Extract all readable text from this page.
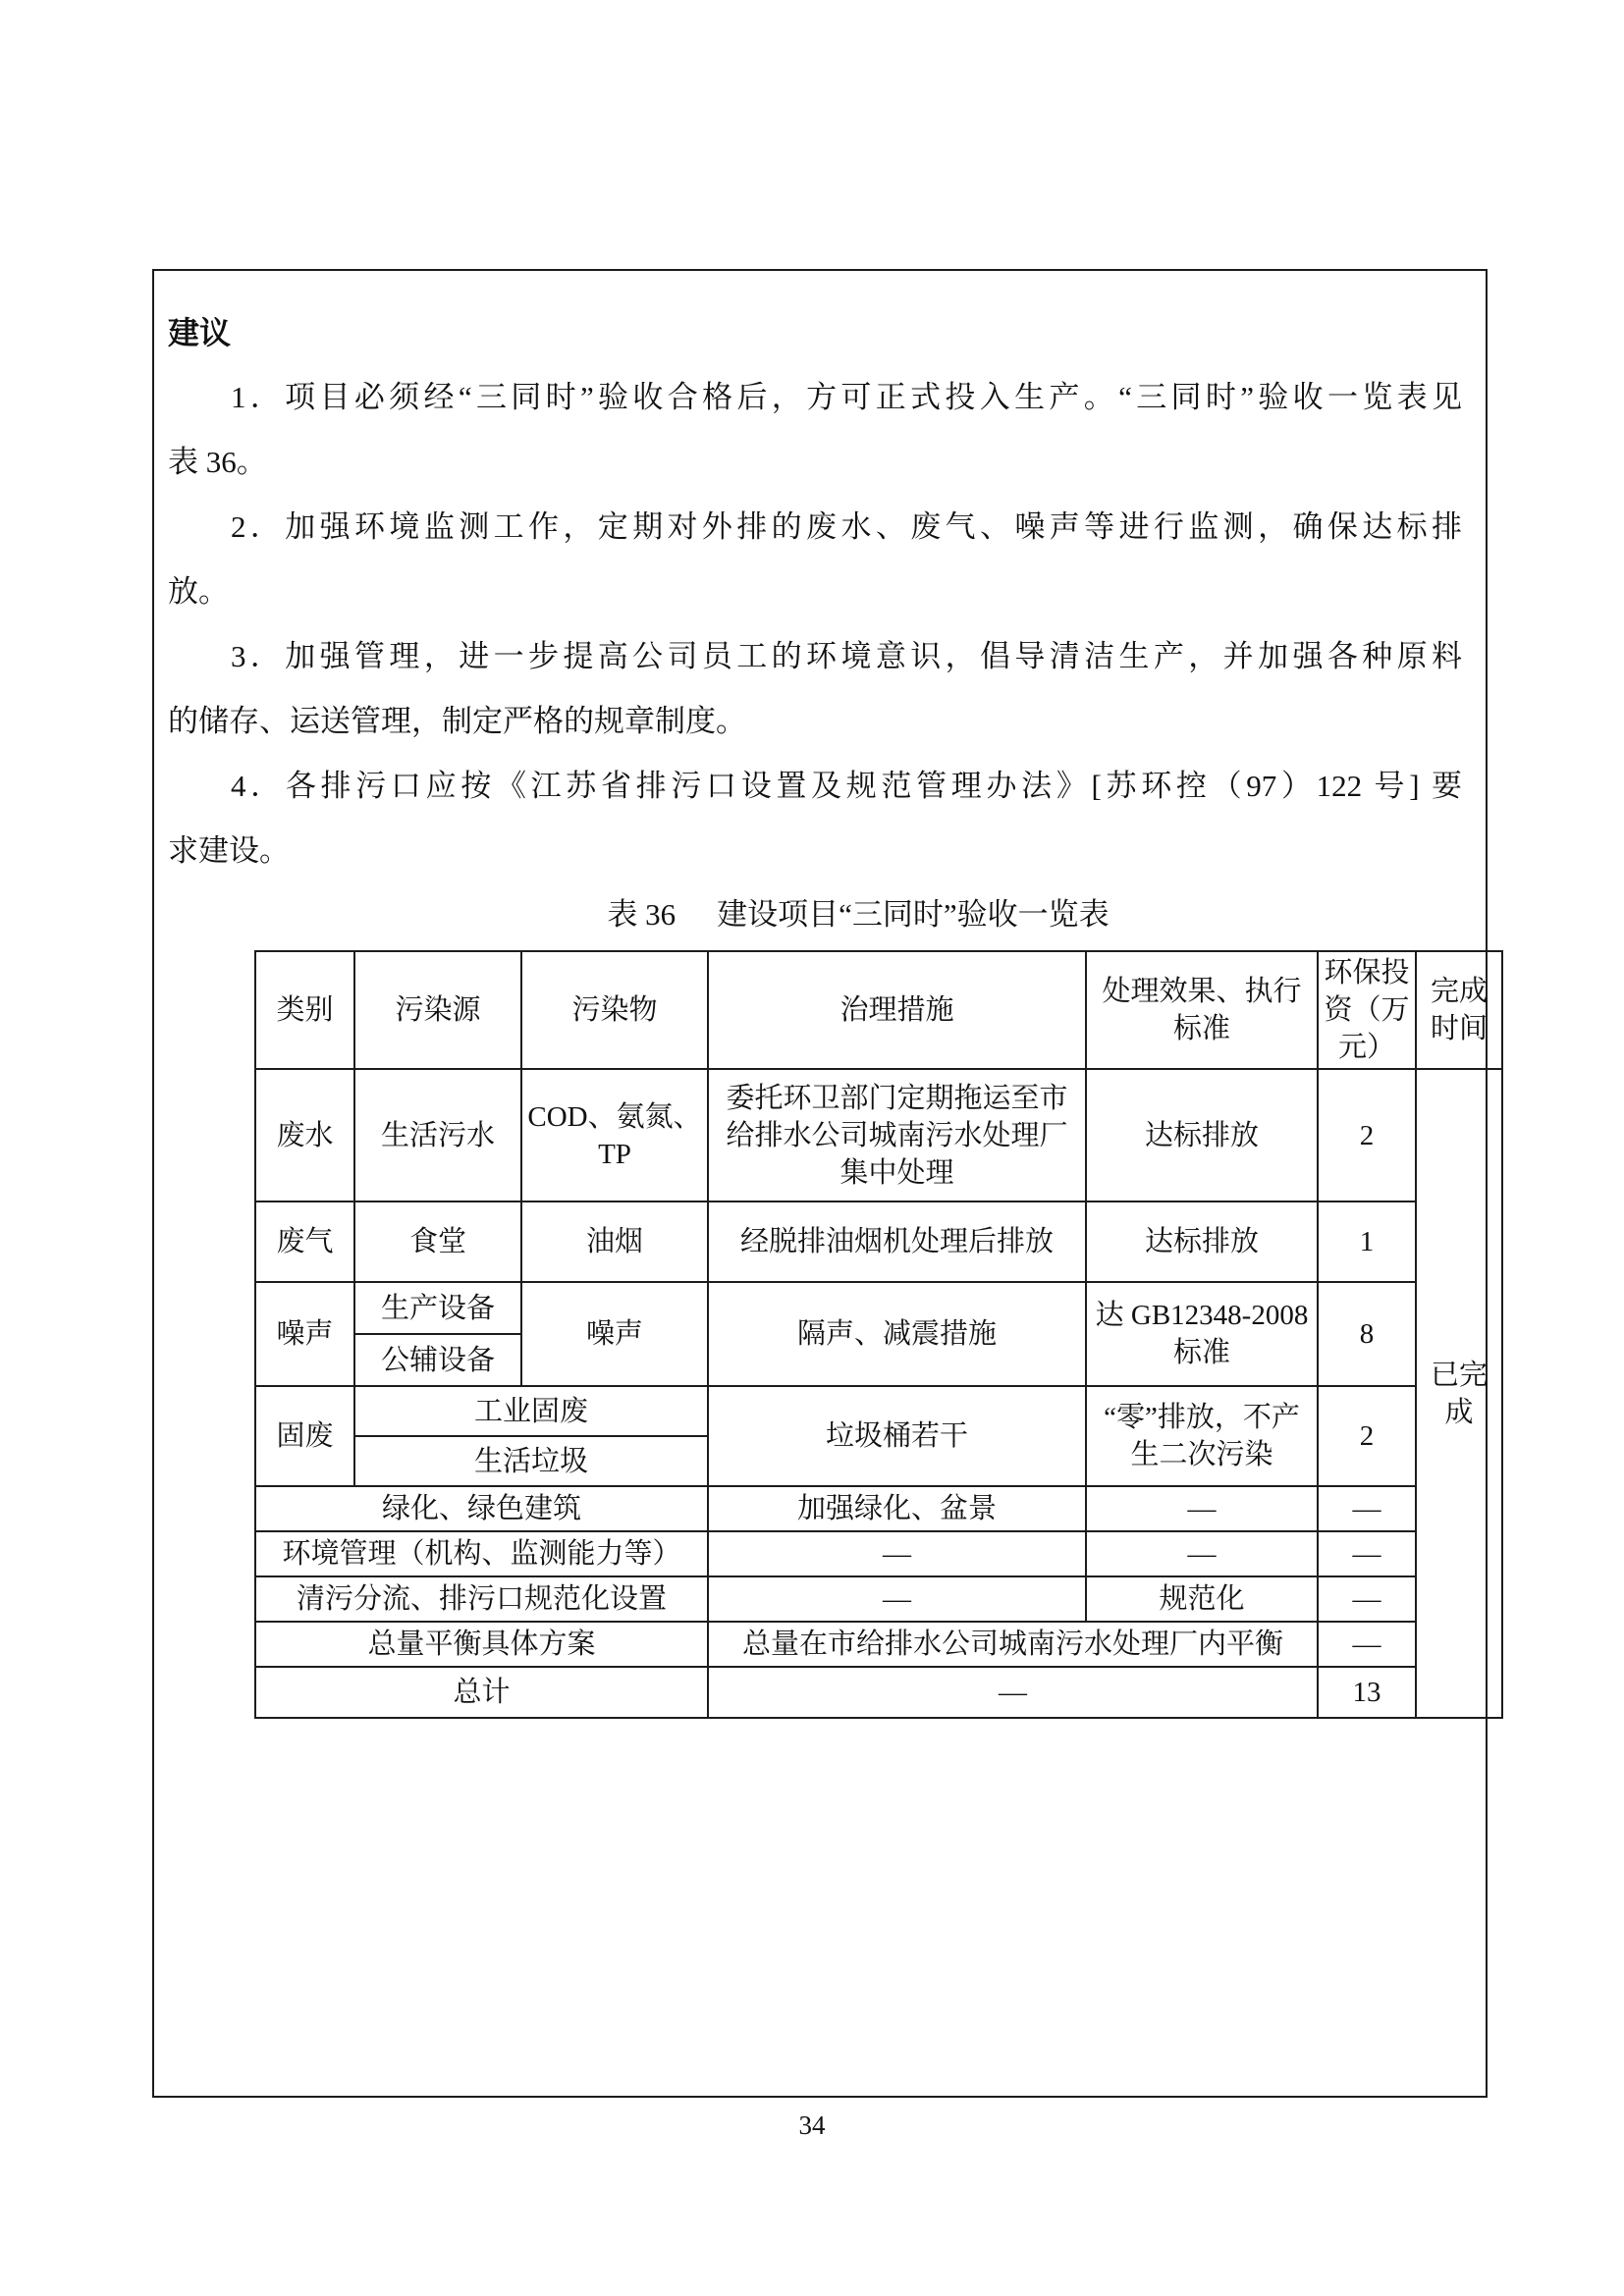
建议
1．项目必须经“三同时”验收合格后，方可正式投入生产。“三同时”验收一览表见
表 36。
2．加强环境监测工作，定期对外排的废水、废气、噪声等进行监测，确保达标排
放。
3．加强管理，进一步提高公司员工的环境意识，倡导清洁生产，并加强各种原料
的储存、运送管理，制定严格的规章制度。
4．各排污口应按《江苏省排污口设置及规范管理办法》[苏环控（97）122 号] 要
求建设。
表 36 建设项目“三同时”验收一览表
类别	污染源	污染物	治理措施	处理效果、执行标准	环保投资（万元）	完成时间
废水	生活污水	COD、氨氮、TP	委托环卫部门定期拖运至市给排水公司城南污水处理厂集中处理	达标排放	2	已完成
废气	食堂	油烟	经脱排油烟机处理后排放	达标排放	1	
噪声	生产设备	噪声	隔声、减震措施	达 GB12348-2008 标准	8	
	公辅设备					
固废	工业固废		垃圾桶若干	“零”排放，不产生二次污染	2	
	生活垃圾					
绿化、绿色建筑			加强绿化、盆景	—	—	
环境管理（机构、监测能力等）			—	—	—	
清污分流、排污口规范化设置			—	规范化	—	
总量平衡具体方案			总量在市给排水公司城南污水处理厂内平衡		—	
总计			—		13	
34
